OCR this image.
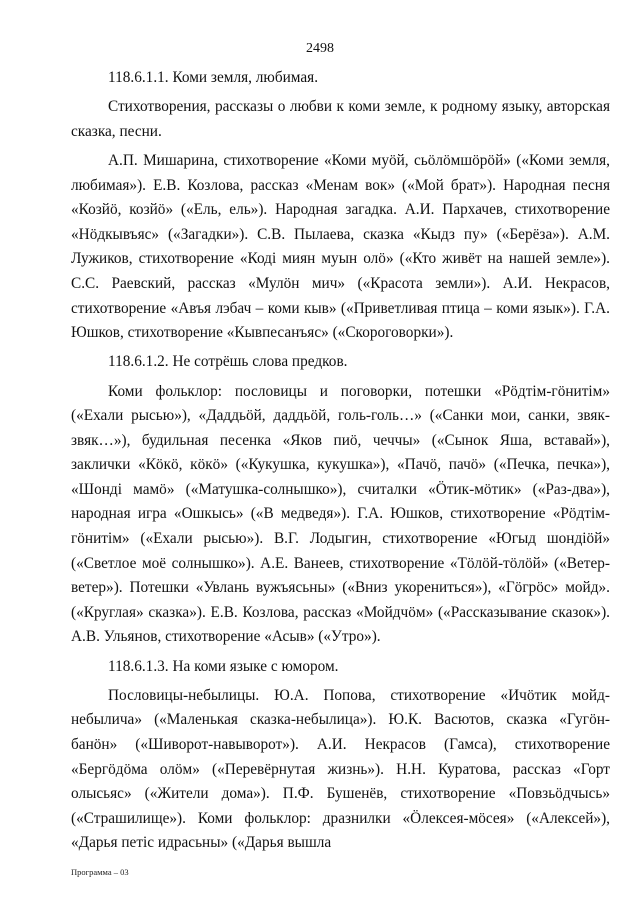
2498

118.6.1.1. Коми земля, любимая.

Стихотворения, рассказы о любви к коми земле, к родному языку, авторская сказка, песни.

А.П. Мишарина, стихотворение «Коми муöй, сьöлöмшöрöй» («Коми земля, любимая»). Е.В. Козлова, рассказ «Менам вок» («Мой брат»). Народная песня «Козйö, козйö» («Ель, ель»). Народная загадка. А.И. Пархачев, стихотворение «Нöдкывъяс» («Загадки»). С.В. Пылаева, сказка «Кыдз пу» («Берёза»). А.М. Лужиков, стихотворение «Кодi миян муын олö» («Кто живёт на нашей земле»). С.С. Раевский, рассказ «Мулöн мич» («Красота земли»). А.И. Некрасов, стихотворение «Авъя лэбач – коми кыв» («Приветливая птица – коми язык»). Г.А. Юшков, стихотворение «Кывпесанъяс» («Скороговорки»).

118.6.1.2. Не сотрёшь слова предков.

Коми фольклор: пословицы и поговорки, потешки «Рöдтiм-гöнитiм» («Ехали рысью»), «Даддьöй, даддьöй, голь-голь…» («Санки мои, санки, звяк- звяк…»), будильная песенка «Яков пиö, чеччы» («Сынок Яша, вставай»), заклички «Кöкö, кöкö» («Кукушка, кукушка»), «Пачö, пачö» («Печка, печка»), «Шондi мамö» («Матушка-солнышко»), считалки «Öтик-мöтик» («Раз-два»), народная игра «Ошкысь» («В медведя»). Г.А. Юшков, стихотворение «Рöдтiм- гöнитiм» («Ехали рысью»). В.Г. Лодыгин, стихотворение «Югыд шондiöй» («Светлое моё солнышко»). А.Е. Ванеев, стихотворение «Тöлöй-тöлöй» («Ветер-ветер»). Потешки «Увлань вужъясьны» («Вниз укорениться»), «Гöгрöс» мойд». («Круглая» сказка»). Е.В. Козлова, рассказ «Мойдчöм» («Рассказывание сказок»). А.В. Ульянов, стихотворение «Асыв» («Утро»).

118.6.1.3. На коми языке с юмором.

Пословицы-небылицы. Ю.А. Попова, стихотворение «Ичöтик мойд-небылича» («Маленькая сказка-небылица»). Ю.К. Васютов, сказка «Гугöн- банöн» («Шиворот-навыворот»). А.И. Некрасов (Гамса), стихотворение «Бергöдöма олöм» («Перевёрнутая жизнь»). Н.Н. Куратова, рассказ «Горт олысьяс» («Жители дома»). П.Ф. Бушенёв, стихотворение «Повзьöдчысь» («Страшилище»). Коми фольклор: дразнилки «Öлексея-мöсея» («Алексей»), «Дарья петiс идрасьны» («Дарья вышла

Программа – 03
